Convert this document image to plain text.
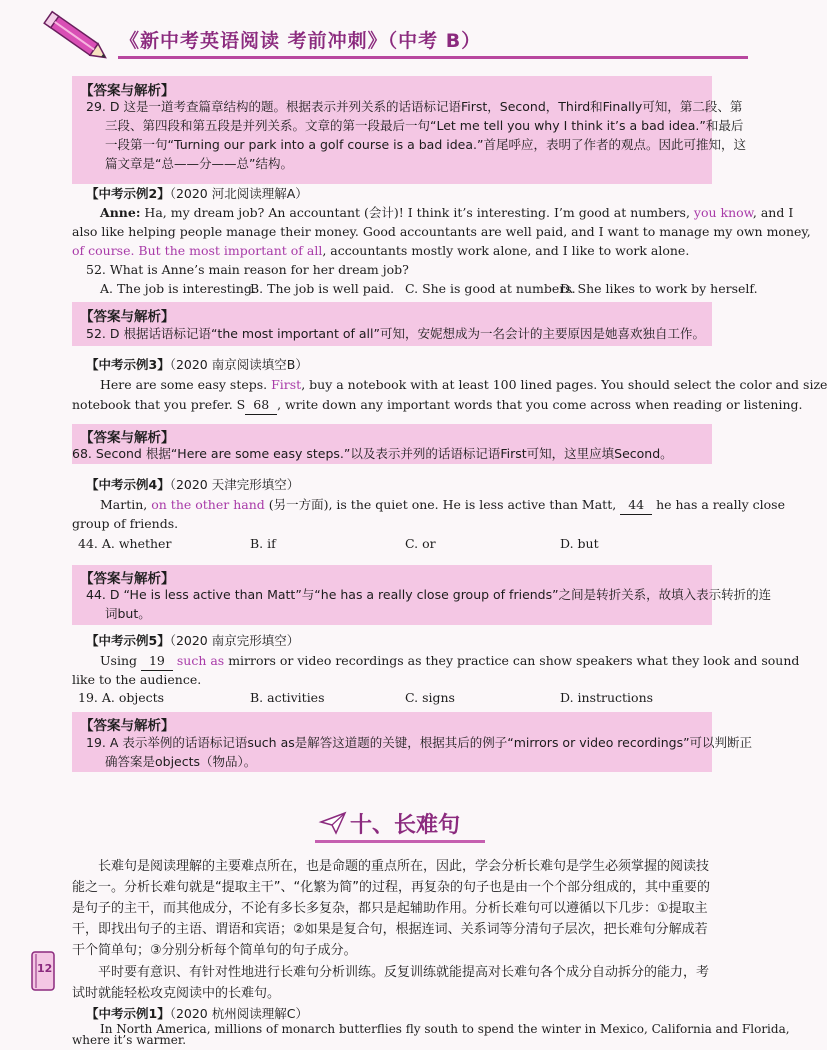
《新中考英语阅读 考前冲刺》（中考 B）
【答案与解析】
29. D 这是一道考查篇章结构的题。根据表示并列关系的话语标记语First，Second，Third和Finally可知，第二段、第
三段、第四段和第五段是并列关系。文章的第一段最后一句“Let me tell you why I think it’s a bad idea.”和最后
一段第一句“Turning our park into a golf course is a bad idea.”首尾呼应，表明了作者的观点。因此可推知，这
篇文章是“总——分——总”结构。
【中考示例2】（2020 河北阅读理解A）
Anne: Ha, my dream job? An accountant (会计)! I think it’s interesting. I’m good at numbers, you know, and I
also like helping people manage their money. Good accountants are well paid, and I want to manage my own money,
of course. But the most important of all, accountants mostly work alone, and I like to work alone.
52. What is Anne’s main reason for her dream job?
A. The job is interesting.
B. The job is well paid. C. She is good at numbers.
D. She likes to work by herself.
【答案与解析】
52. D 根据话语标记语“the most important of all”可知，安妮想成为一名会计的主要原因是她喜欢独自工作。
【中考示例3】（2020 南京阅读填空B）
Here are some easy steps. First, buy a notebook with at least 100 lined pages. You should select the color and size
notebook that you prefer. S 68 , write down any important words that you come across when reading or listening.
【答案与解析】
68. Second 根据“Here are some easy steps.”以及表示并列的话语标记语First可知，这里应填Second。
【中考示例4】（2020 天津完形填空）
Martin, on the other hand (另一方面), is the quiet one. He is less active than Matt, 44 he has a really close
group of friends.
44. A. whether	B. if	C. or	D. but
【答案与解析】
44. D “He is less active than Matt”与“he has a really close group of friends”之间是转折关系，故填入表示转折的连
词but。
【中考示例5】（2020 南京完形填空）
Using 19 such as mirrors or video recordings as they practice can show speakers what they look and sound
like to the audience.
19. A. objects	B. activities	C. signs	D. instructions
【答案与解析】
19. A 表示举例的话语标记语such as是解答这道题的关键，根据其后的例子“mirrors or video recordings”可以判断正
确答案是objects（物品）。
十、长难句
长难句是阅读理解的主要难点所在，也是命题的重点所在，因此，学会分析长难句是学生必须掌握的阅读技能之一。分析长难句就是“提取主干”、“化繁为简”的过程，再复杂的句子也是由一个个部分组成的，其中重要的是句子的主干，而其他成分，不论有多长多复杂，都只是起辅助作用。分析长难句可以遵循以下几步：①提取主干，即找出句子的主语、谓语和宾语；②如果是复合句，根据连词、关系词等分清句子层次，把长难句分解成若干个简单句；③分别分析每个简单句的句子成分。
平时要有意识、有针对性地进行长难句分析训练。反复训练就能提高对长难句各个成分自动拆分的能力，考试时就能轻松攻克阅读中的长难句。
【中考示例1】（2020 杭州阅读理解C）
In North America, millions of monarch butterflies fly south to spend the winter in Mexico, California and Florida,
where it’s warmer.
12
